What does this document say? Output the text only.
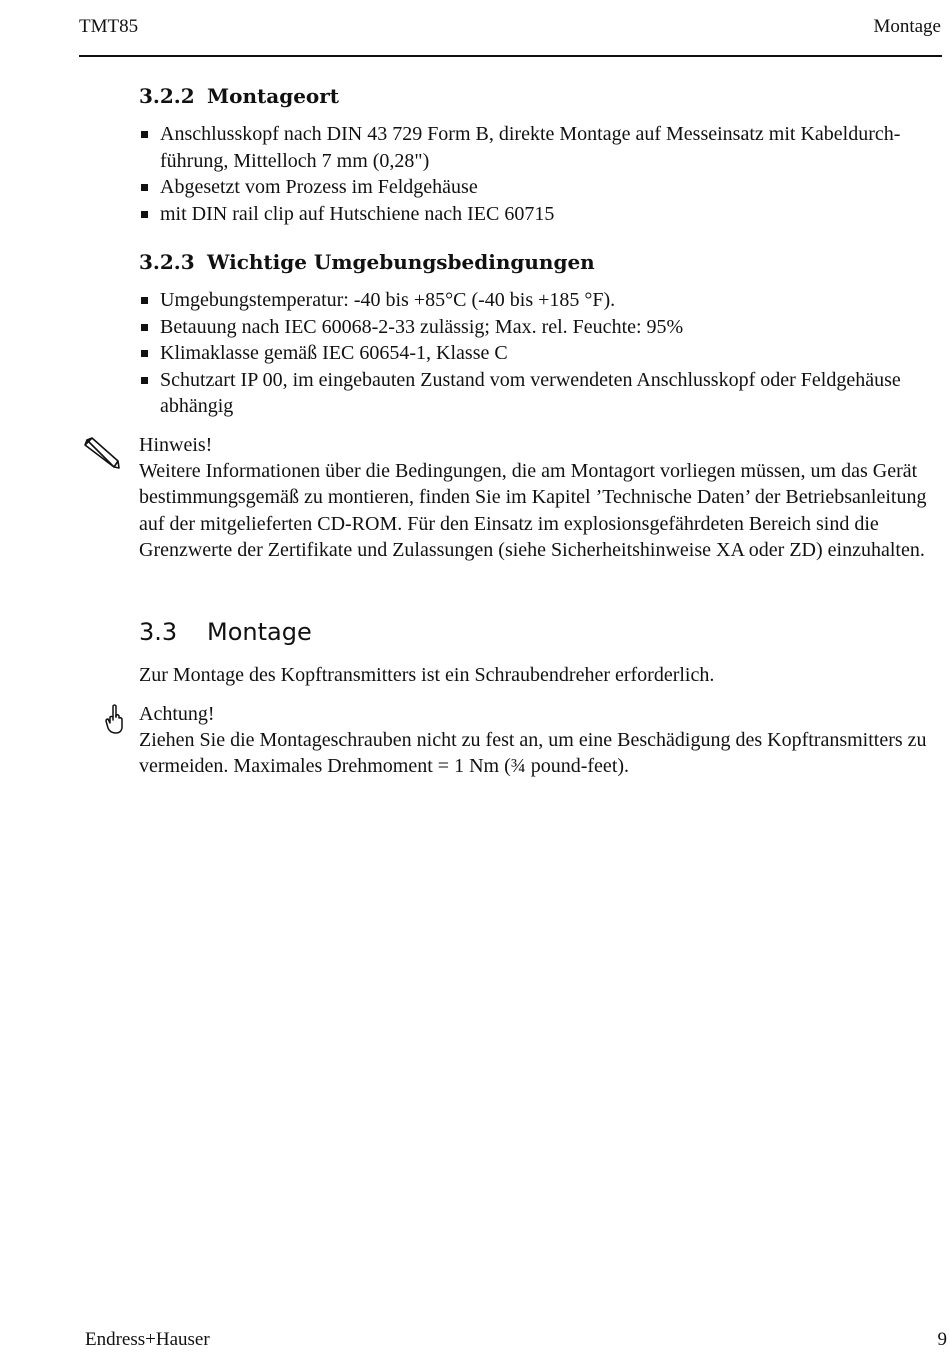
TMT85	Montage
3.2.2 Montageort
Anschlusskopf nach DIN 43 729 Form B, direkte Montage auf Messeinsatz mit Kabeldurch-führung, Mittelloch 7 mm (0,28")
Abgesetzt vom Prozess im Feldgehäuse
mit DIN rail clip auf Hutschiene nach IEC 60715
3.2.3 Wichtige Umgebungsbedingungen
Umgebungstemperatur: -40 bis +85°C (-40 bis +185 °F).
Betauung nach IEC 60068-2-33 zulässig; Max. rel. Feuchte: 95%
Klimaklasse gemäß IEC 60654-1, Klasse C
Schutzart IP 00, im eingebauten Zustand vom verwendeten Anschlusskopf oder Feldgehäuse abhängig
Hinweis!
Weitere Informationen über die Bedingungen, die am Montagort vorliegen müssen, um das Gerät bestimmungsgemäß zu montieren, finden Sie im Kapitel ’Technische Daten’ der Betriebsanleitung auf der mitgelieferten CD-ROM. Für den Einsatz im explosionsgefährdeten Bereich sind die Grenzwerte der Zertifikate und Zulassungen (siehe Sicherheitshinweise XA oder ZD) einzuhalten.
3.3 Montage
Zur Montage des Kopftransmitters ist ein Schraubendreher erforderlich.
Achtung!
Ziehen Sie die Montageschrauben nicht zu fest an, um eine Beschädigung des Kopftransmitters zu vermeiden. Maximales Drehmoment = 1 Nm (¾ pound-feet).
Endress+Hauser	9
